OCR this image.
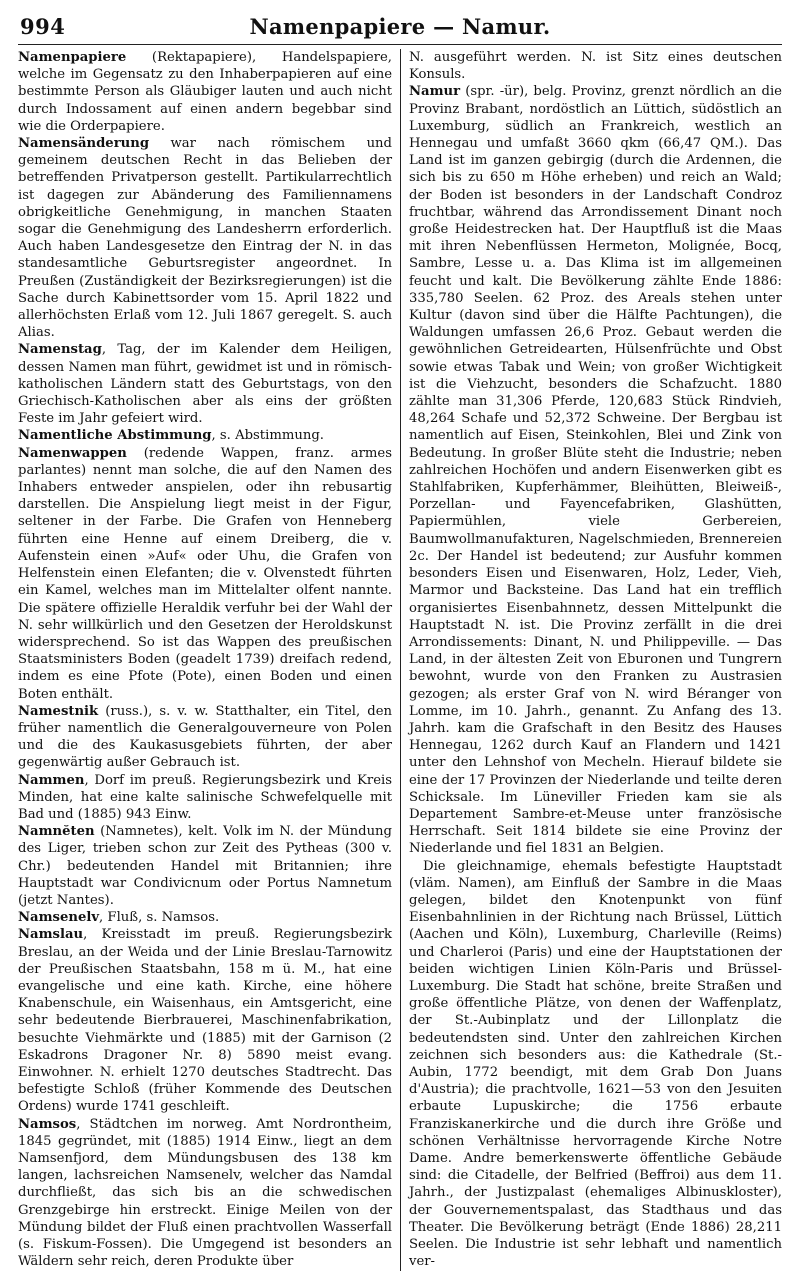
994	Namenpapiere — Namur.

Namenpapiere (Rektapapiere), Handelspapiere, welche im Gegensatz zu den Inhaberpapieren auf eine bestimmte Person als Gläubiger lauten und auch nicht durch Indossament auf einen andern begebbar sind wie die Orderpapiere.

Namensänderung war nach römischem und gemeinem deutschen Recht in das Belieben der betreffenden Privatperson gestellt. Partikularrechtlich ist dagegen zur Abänderung des Familiennamens obrigkeitliche Genehmigung, in manchen Staaten sogar die Genehmigung des Landesherrn erforderlich. Auch haben Landesgesetze den Eintrag der N. in das standesamtliche Geburtsregister angeordnet. In Preußen (Zuständigkeit der Bezirksregierungen) ist die Sache durch Kabinettsorder vom 15. April 1822 und allerhöchsten Erlaß vom 12. Juli 1867 geregelt. S. auch Alias.

Namenstag, Tag, der im Kalender dem Heiligen, dessen Namen man führt, gewidmet ist und in römisch-katholischen Ländern statt des Geburtstags, von den Griechisch-Katholischen aber als eins der größten Feste im Jahr gefeiert wird.

Namentliche Abstimmung, s. Abstimmung.

Namenwappen (redende Wappen, franz. armes parlantes) nennt man solche, die auf den Namen des Inhabers entweder anspielen, oder ihn rebusartig darstellen. Die Anspielung liegt meist in der Figur, seltener in der Farbe. Die Grafen von Henneberg führten eine Henne auf einem Dreiberg, die v. Aufenstein einen »Auf« oder Uhu, die Grafen von Helfenstein einen Elefanten; die v. Olvenstedt führten ein Kamel, welches man im Mittelalter olfent nannte. Die spätere offizielle Heraldik verfuhr bei der Wahl der N. sehr willkürlich und den Gesetzen der Heroldskunst widersprechend. So ist das Wappen des preußischen Staatsministers Boden (geadelt 1739) dreifach redend, indem es eine Pfote (Pote), einen Boden und einen Boten enthält.

Namestnik (russ.), s. v. w. Statthalter, ein Titel, den früher namentlich die Generalgouverneure von Polen und die des Kaukasusgebiets führten, der aber gegenwärtig außer Gebrauch ist.

Nammen, Dorf im preuß. Regierungsbezirk und Kreis Minden, hat eine kalte salinische Schwefelquelle mit Bad und (1885) 943 Einw.

Namnĕten (Namnetes), kelt. Volk im N. der Mündung des Liger, trieben schon zur Zeit des Pytheas (300 v. Chr.) bedeutenden Handel mit Britannien; ihre Hauptstadt war Condivicnum oder Portus Namnetum (jetzt Nantes).

Namsenelv, Fluß, s. Namsos.

Namslau, Kreisstadt im preuß. Regierungsbezirk Breslau, an der Weida und der Linie Breslau-Tarnowitz der Preußischen Staatsbahn, 158 m ü. M., hat eine evangelische und eine kath. Kirche, eine höhere Knabenschule, ein Waisenhaus, ein Amtsgericht, eine sehr bedeutende Bierbrauerei, Maschinenfabrikation, besuchte Viehmärkte und (1885) mit der Garnison (2 Eskadrons Dragoner Nr. 8) 5890 meist evang. Einwohner. N. erhielt 1270 deutsches Stadtrecht. Das befestigte Schloß (früher Kommende des Deutschen Ordens) wurde 1741 geschleift.

Namsos, Städtchen im norweg. Amt Nordrontheim, 1845 gegründet, mit (1885) 1914 Einw., liegt an dem Namsenfjord, dem Mündungsbusen des 138 km langen, lachsreichen Namsenelv, welcher das Namdal durchfließt, das sich bis an die schwedischen Grenzgebirge hin erstreckt. Einige Meilen von der Mündung bildet der Fluß einen prachtvollen Wasserfall (s. Fiskum-Fossen). Die Umgegend ist besonders an Wäldern sehr reich, deren Produkte über

N. ausgeführt werden. N. ist Sitz eines deutschen Konsuls.

Namur (spr. -ür), belg. Provinz, grenzt nördlich an die Provinz Brabant, nordöstlich an Lüttich, südöstlich an Luxemburg, südlich an Frankreich, westlich an Hennegau und umfaßt 3660 qkm (66,47 QM.). Das Land ist im ganzen gebirgig (durch die Ardennen, die sich bis zu 650 m Höhe erheben) und reich an Wald; der Boden ist besonders in der Landschaft Condroz fruchtbar, während das Arrondissement Dinant noch große Heidestrecken hat. Der Hauptfluß ist die Maas mit ihren Nebenflüssen Hermeton, Molignée, Bocq, Sambre, Lesse u. a. Das Klima ist im allgemeinen feucht und kalt. Die Bevölkerung zählte Ende 1886: 335,780 Seelen. 62 Proz. des Areals stehen unter Kultur (davon sind über die Hälfte Pachtungen), die Waldungen umfassen 26,6 Proz. Gebaut werden die gewöhnlichen Getreidearten, Hülsenfrüchte und Obst sowie etwas Tabak und Wein; von großer Wichtigkeit ist die Viehzucht, besonders die Schafzucht. 1880 zählte man 31,306 Pferde, 120,683 Stück Rindvieh, 48,264 Schafe und 52,372 Schweine. Der Bergbau ist namentlich auf Eisen, Steinkohlen, Blei und Zink von Bedeutung. In großer Blüte steht die Industrie; neben zahlreichen Hochöfen und andern Eisenwerken gibt es Stahlfabriken, Kupferhämmer, Bleihütten, Bleiweiß-, Porzellan- und Fayencefabriken, Glashütten, Papiermühlen, viele Gerbereien, Baumwollmanufakturen, Nagelschmieden, Brennereien 2c. Der Handel ist bedeutend; zur Ausfuhr kommen besonders Eisen und Eisenwaren, Holz, Leder, Vieh, Marmor und Backsteine. Das Land hat ein trefflich organisiertes Eisenbahnnetz, dessen Mittelpunkt die Hauptstadt N. ist. Die Provinz zerfällt in die drei Arrondissements: Dinant, N. und Philippeville. — Das Land, in der ältesten Zeit von Eburonen und Tungrern bewohnt, wurde von den Franken zu Austrasien gezogen; als erster Graf von N. wird Béranger von Lomme, im 10. Jahrh., genannt. Zu Anfang des 13. Jahrh. kam die Grafschaft in den Besitz des Hauses Hennegau, 1262 durch Kauf an Flandern und 1421 unter den Lehnshof von Mecheln. Hierauf bildete sie eine der 17 Provinzen der Niederlande und teilte deren Schicksale. Im Lüneviller Frieden kam sie als Departement Sambre-et-Meuse unter französische Herrschaft. Seit 1814 bildete sie eine Provinz der Niederlande und fiel 1831 an Belgien.

Die gleichnamige, ehemals befestigte Hauptstadt (vläm. Namen), am Einfluß der Sambre in die Maas gelegen, bildet den Knotenpunkt von fünf Eisenbahnlinien in der Richtung nach Brüssel, Lüttich (Aachen und Köln), Luxemburg, Charleville (Reims) und Charleroi (Paris) und eine der Hauptstationen der beiden wichtigen Linien Köln-Paris und Brüssel-Luxemburg. Die Stadt hat schöne, breite Straßen und große öffentliche Plätze, von denen der Waffenplatz, der St.-Aubinplatz und der Lillonplatz die bedeutendsten sind. Unter den zahlreichen Kirchen zeichnen sich besonders aus: die Kathedrale (St.-Aubin, 1772 beendigt, mit dem Grab Don Juans d'Austria); die prachtvolle, 1621—53 von den Jesuiten erbaute Lupuskirche; die 1756 erbaute Franziskanerkirche und die durch ihre Größe und schönen Verhältnisse hervorragende Kirche Notre Dame. Andre bemerkenswerte öffentliche Gebäude sind: die Citadelle, der Belfried (Beffroi) aus dem 11. Jahrh., der Justizpalast (ehemaliges Albinuskloster), der Gouvernementspalast, das Stadthaus und das Theater. Die Bevölkerung beträgt (Ende 1886) 28,211 Seelen. Die Industrie ist sehr lebhaft und namentlich ver-
